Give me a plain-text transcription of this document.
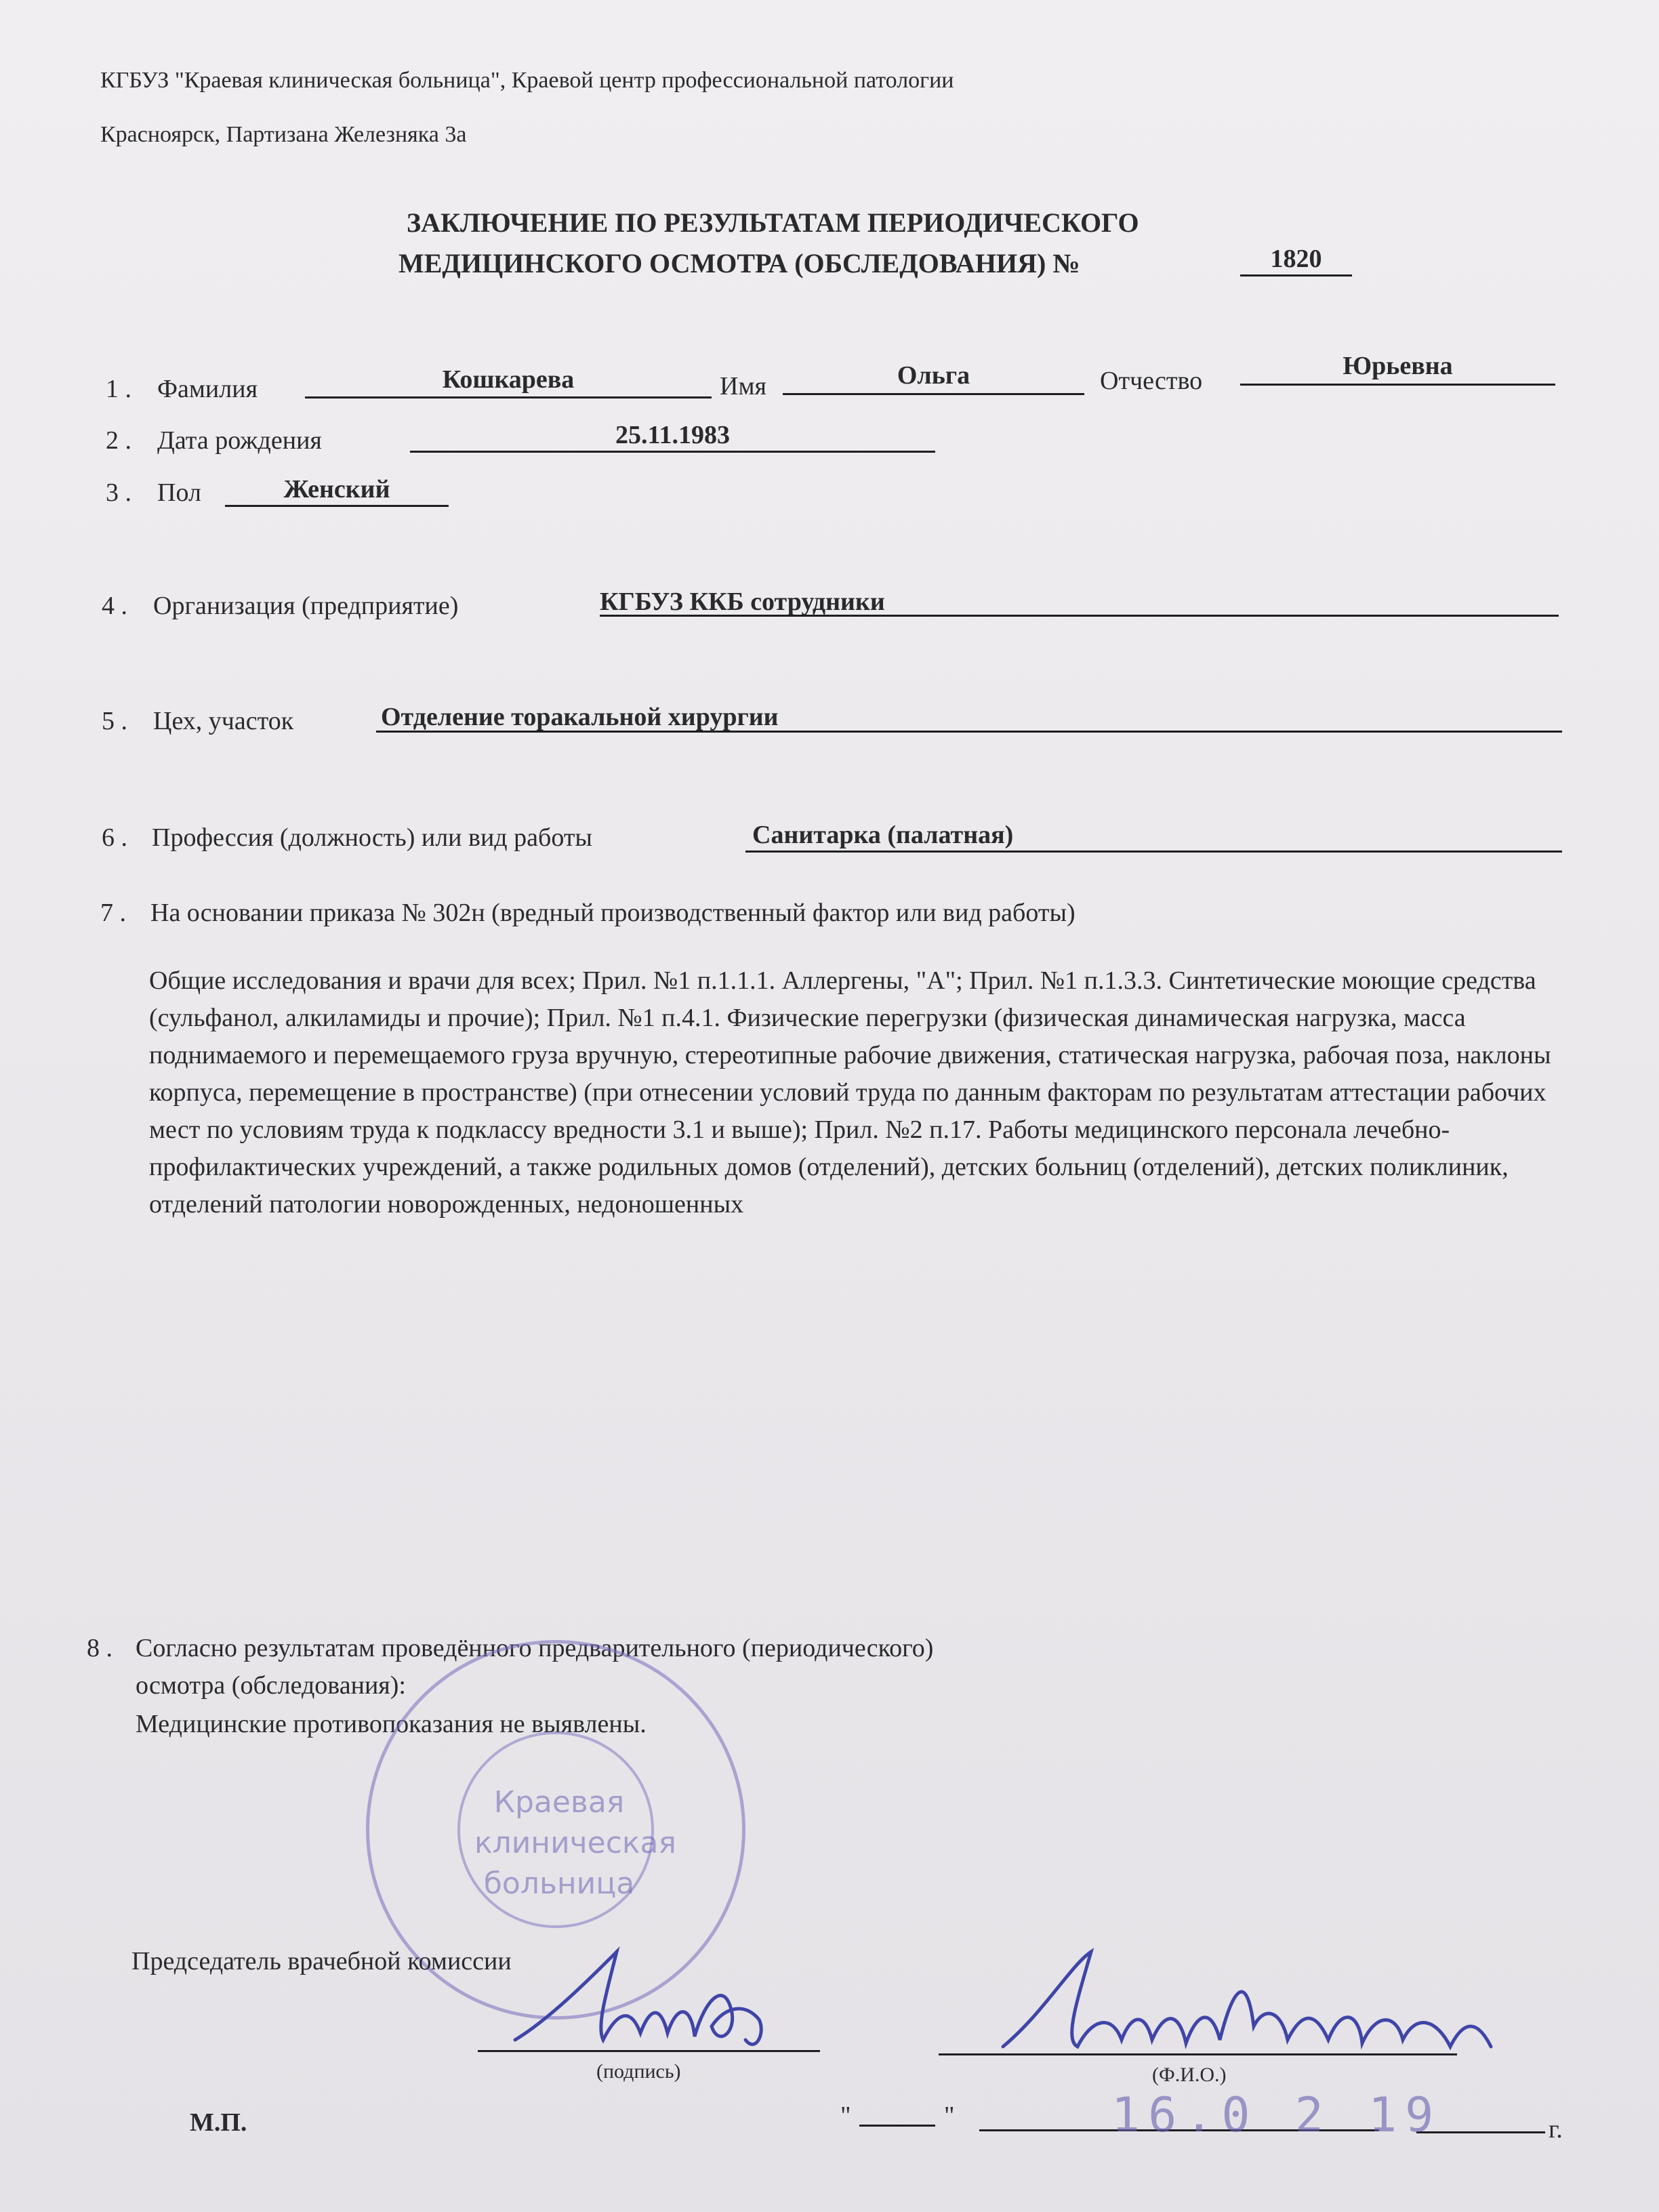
КГБУЗ "Краевая клиническая больница", Краевой центр профессиональной патологии
Красноярск, Партизана Железняка 3а
ЗАКЛЮЧЕНИЕ ПО РЕЗУЛЬТАТАМ ПЕРИОДИЧЕСКОГО
МЕДИЦИНСКОГО ОСМОТРА (ОБСЛЕДОВАНИЯ) №	1820
1 . Фамилия	Кошкарева	Имя	Ольга	Отчество
Юрьевна
2 . Дата рождения	25.11.1983
3 . Пол	Женский
4 . Организация (предприятие)	КГБУЗ ККБ сотрудники
5 . Цех, участок	Отделение торакальной хирургии
6 . Профессия (должность) или вид работы	Санитарка (палатная)
7 . На основании приказа № 302н (вредный производственный фактор или вид работы)
Общие исследования и врачи для всех; Прил. №1 п.1.1.1. Аллергены, "А"; Прил. №1 п.1.3.3. Синтетические моющие средства (сульфанол, алкиламиды и прочие); Прил. №1 п.4.1. Физические перегрузки (физическая динамическая нагрузка, масса поднимаемого и перемещаемого груза вручную, стереотипные рабочие движения, статическая нагрузка, рабочая поза, наклоны корпуса, перемещение в пространстве) (при отнесении условий труда по данным факторам по результатам аттестации рабочих мест по условиям труда к подклассу вредности 3.1 и выше); Прил. №2 п.17. Работы медицинского персонала лечебно-профилактических учреждений, а также родильных домов (отделений), детских больниц (отделений), детских поликлиник, отделений патологии новорожденных, недоношенных
8 . Согласно результатам проведённого предварительного (периодического)
осмотра (обследования):
Медицинские противопоказания не выявлены.
Краевая клиническая больница
Председатель врачебной комиссии
(подпись)	(Ф.И.О.)
М.П.	"	"	г.
16.0 2 19
